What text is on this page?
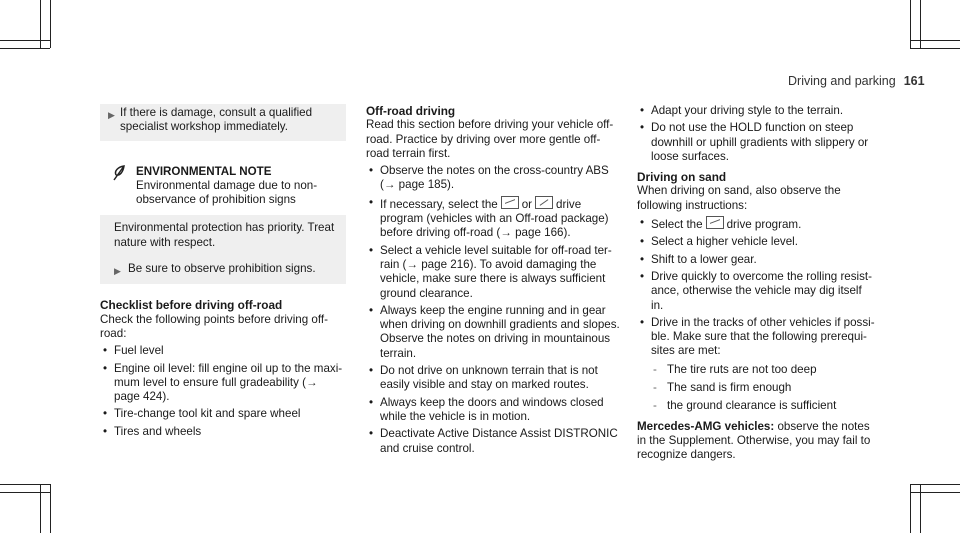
Driving and parking 161
▶ If there is damage, consult a qualified specialist workshop immediately.

ENVIRONMENTAL NOTE Environmental damage due to non-observance of prohibition signs

Environmental protection has priority. Treat nature with respect.

▶ Be sure to observe prohibition signs.

Checklist before driving off-road

Check the following points before driving off-road:

• Fuel level
• Engine oil level: fill engine oil up to the maximum level to ensure full gradeability (→ page 424).
• Tire-change tool kit and spare wheel
• Tires and wheels
Off-road driving

Read this section before driving your vehicle off-road. Practice by driving over more gentle off-road terrain first.

• Observe the notes on the cross-country ABS (→ page 185).
• If necessary, select the or drive program (vehicles with an Off-road package) before driving off-road (→ page 166).
• Select a vehicle level suitable for off-road terrain (→ page 216). To avoid damaging the vehicle, make sure there is always sufficient ground clearance.
• Always keep the engine running and in gear when driving on downhill gradients and slopes. Observe the notes on driving in mountainous terrain.
• Do not drive on unknown terrain that is not easily visible and stay on marked routes.
• Always keep the doors and windows closed while the vehicle is in motion.
• Deactivate Active Distance Assist DISTRONIC and cruise control.
• Adapt your driving style to the terrain.
• Do not use the HOLD function on steep downhill or uphill gradients with slippery or loose surfaces.
Driving on sand

When driving on sand, also observe the following instructions:

• Select the drive program.
• Select a higher vehicle level.
• Shift to a lower gear.
• Drive quickly to overcome the rolling resistance, otherwise the vehicle may dig itself in.
• Drive in the tracks of other vehicles if possible. Make sure that the following prerequisites are met:
- The tire ruts are not too deep
- The sand is firm enough
- the ground clearance is sufficient

Mercedes-AMG vehicles: observe the notes in the Supplement. Otherwise, you may fail to recognize dangers.
